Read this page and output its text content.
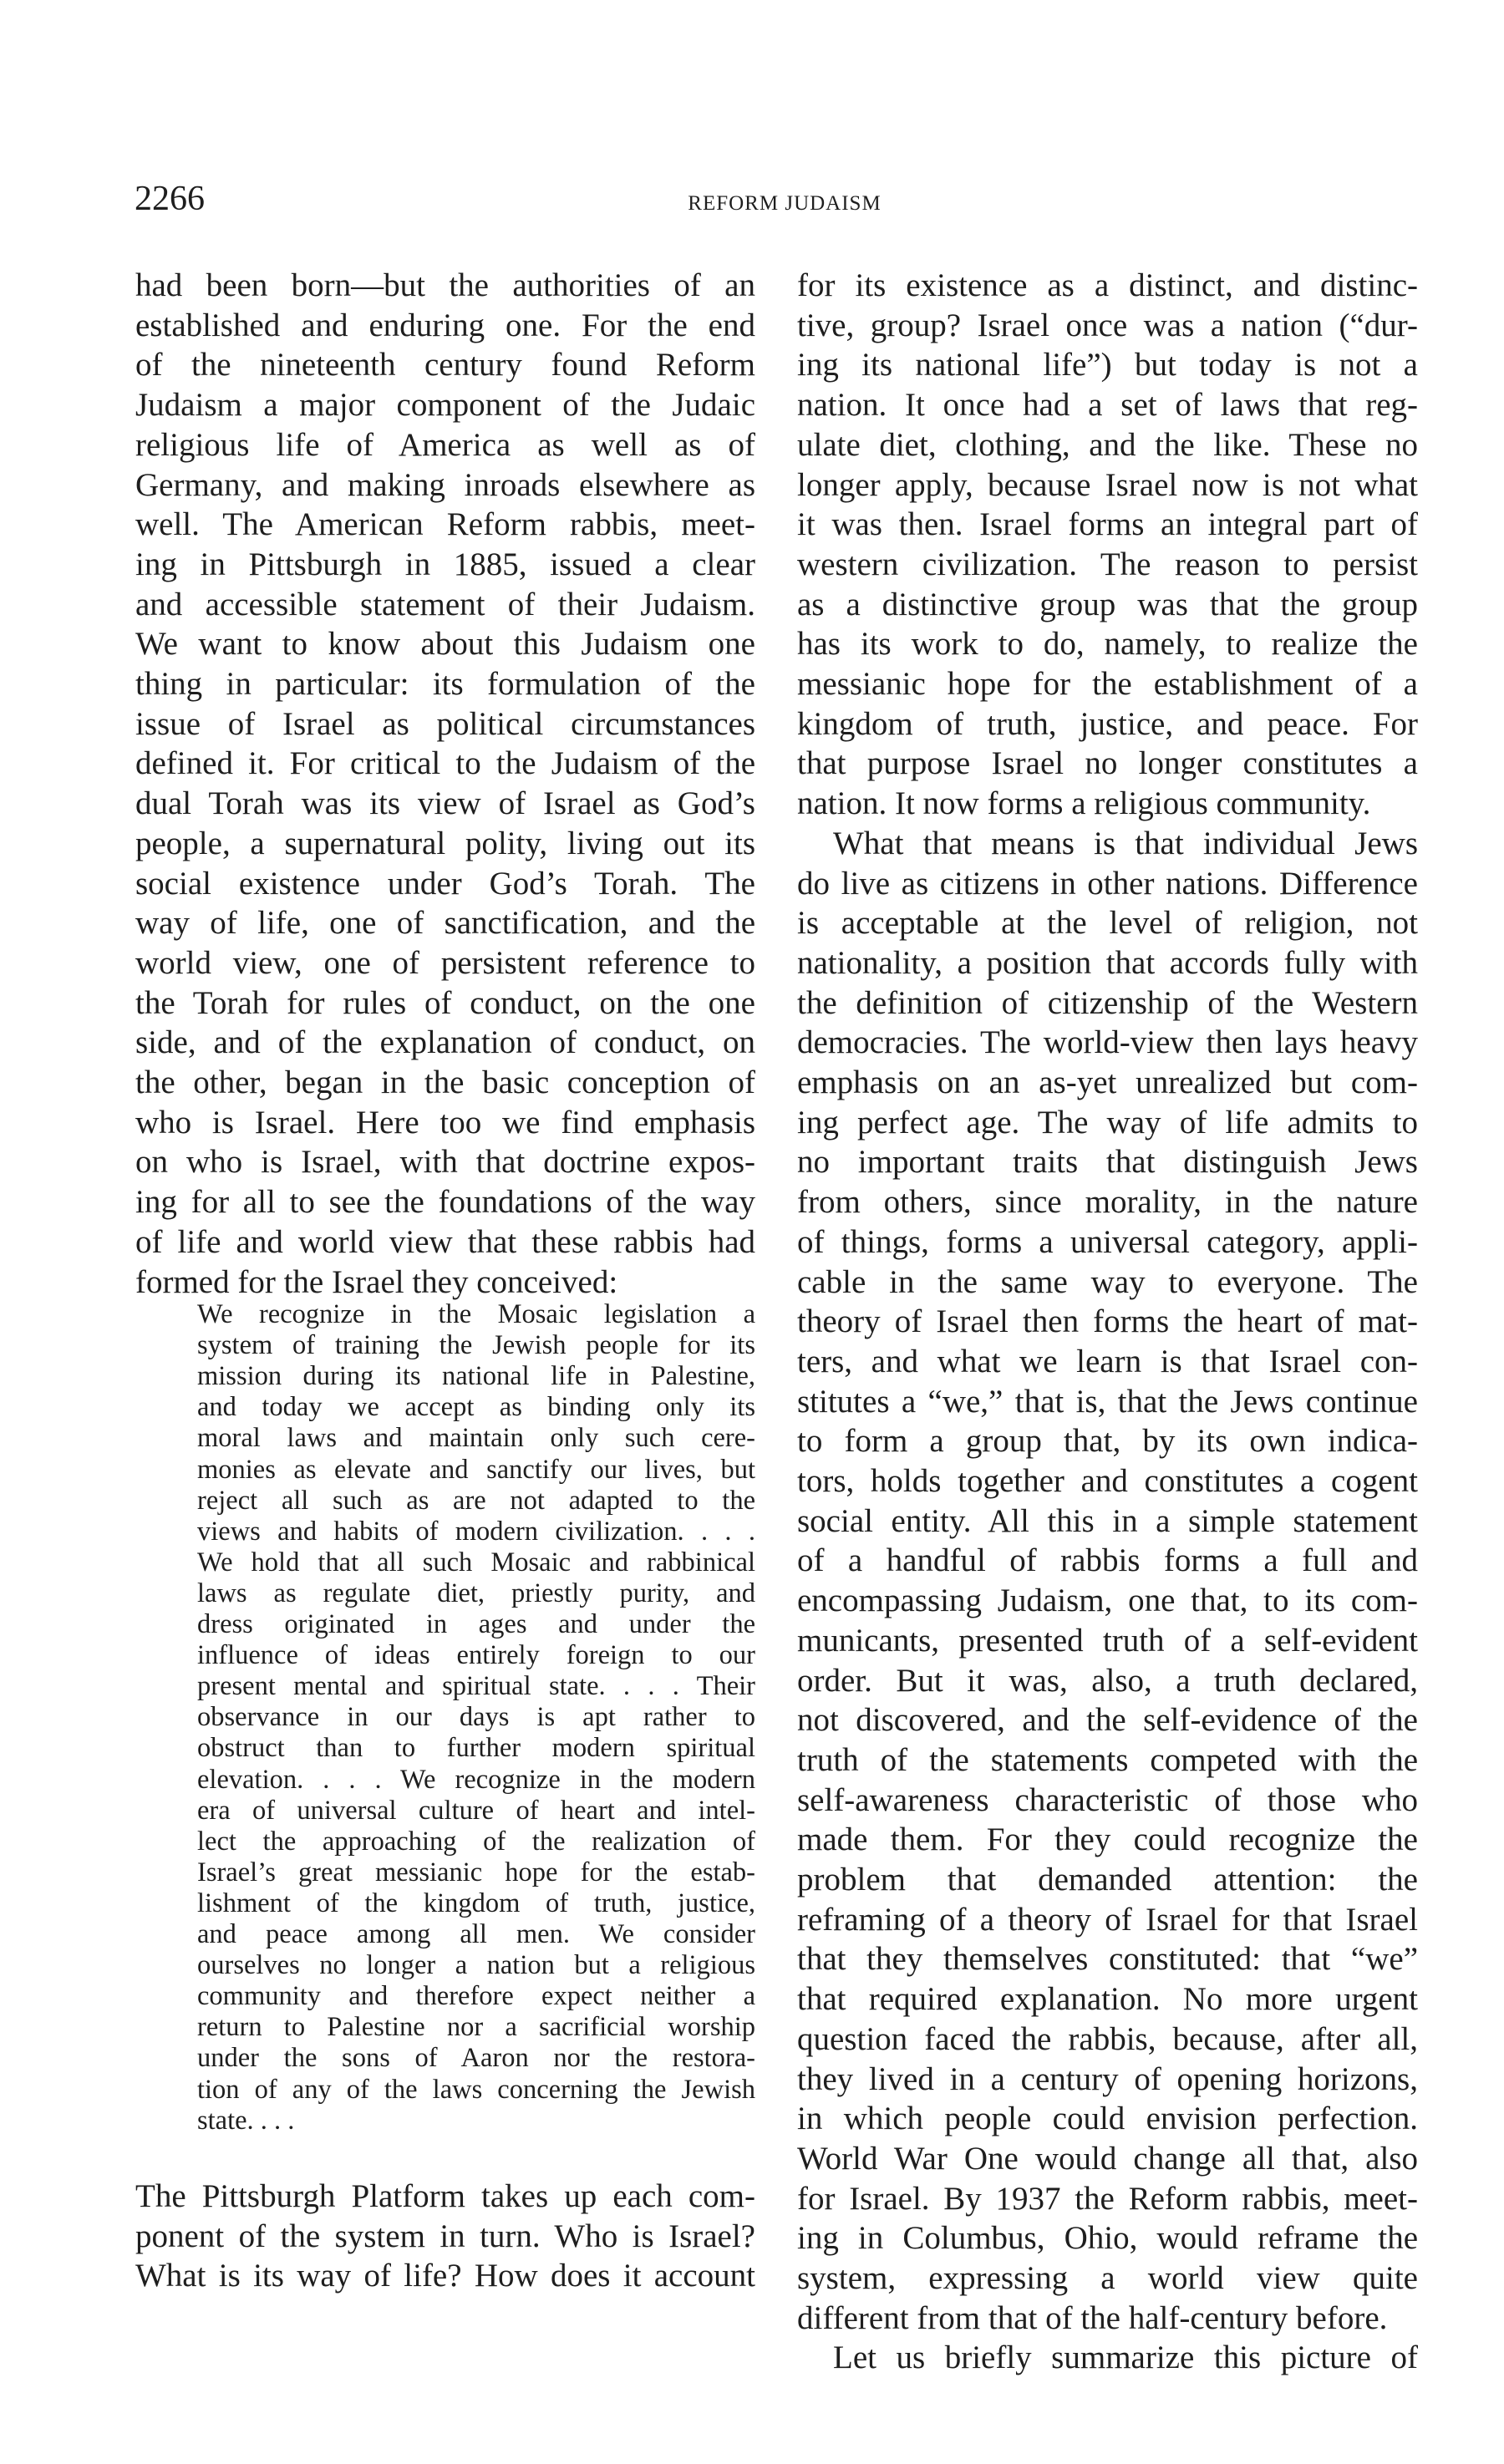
2266	REFORM JUDAISM
had been born—but the authorities of an
established and enduring one. For the end
of the nineteenth century found Reform
Judaism a major component of the Judaic
religious life of America as well as of
Germany, and making inroads elsewhere as
well. The American Reform rabbis, meet-
ing in Pittsburgh in 1885, issued a clear
and accessible statement of their Judaism.
We want to know about this Judaism one
thing in particular: its formulation of the
issue of Israel as political circumstances
defined it. For critical to the Judaism of the
dual Torah was its view of Israel as God’s
people, a supernatural polity, living out its
social existence under God’s Torah. The
way of life, one of sanctification, and the
world view, one of persistent reference to
the Torah for rules of conduct, on the one
side, and of the explanation of conduct, on
the other, began in the basic conception of
who is Israel. Here too we find emphasis
on who is Israel, with that doctrine expos-
ing for all to see the foundations of the way
of life and world view that these rabbis had
formed for the Israel they conceived:
The Pittsburgh Platform takes up each com-
ponent of the system in turn. Who is Israel?
What is its way of life? How does it account
for its existence as a distinct, and distinc-
tive, group? Israel once was a nation (“dur-
ing its national life”) but today is not a
nation. It once had a set of laws that reg-
ulate diet, clothing, and the like. These no
longer apply, because Israel now is not what
it was then. Israel forms an integral part of
western civilization. The reason to persist
as a distinctive group was that the group
has its work to do, namely, to realize the
messianic hope for the establishment of a
kingdom of truth, justice, and peace. For
that purpose Israel no longer constitutes a
nation. It now forms a religious community.
What that means is that individual Jews
do live as citizens in other nations. Difference
is acceptable at the level of religion, not
nationality, a position that accords fully with
the definition of citizenship of the Western
democracies. The world-view then lays heavy
emphasis on an as-yet unrealized but com-
ing perfect age. The way of life admits to
no important traits that distinguish Jews
from others, since morality, in the nature
of things, forms a universal category, appli-
cable in the same way to everyone. The
theory of Israel then forms the heart of mat-
ters, and what we learn is that Israel con-
stitutes a “we,” that is, that the Jews continue
to form a group that, by its own indica-
tors, holds together and constitutes a cogent
social entity. All this in a simple statement
of a handful of rabbis forms a full and
encompassing Judaism, one that, to its com-
municants, presented truth of a self-evident
order. But it was, also, a truth declared,
not discovered, and the self-evidence of the
truth of the statements competed with the
self-awareness characteristic of those who
made them. For they could recognize the
problem that demanded attention: the
reframing of a theory of Israel for that Israel
that they themselves constituted: that “we”
that required explanation. No more urgent
question faced the rabbis, because, after all,
they lived in a century of opening horizons,
in which people could envision perfection.
World War One would change all that, also
for Israel. By 1937 the Reform rabbis, meet-
ing in Columbus, Ohio, would reframe the
system, expressing a world view quite
different from that of the half-century before.
Let us briefly summarize this picture of
We recognize in the Mosaic legislation a
system of training the Jewish people for its
mission during its national life in Palestine,
and today we accept as binding only its
moral laws and maintain only such cere-
monies as elevate and sanctify our lives, but
reject all such as are not adapted to the
views and habits of modern civilization. . . .
We hold that all such Mosaic and rabbinical
laws as regulate diet, priestly purity, and
dress originated in ages and under the
influence of ideas entirely foreign to our
present mental and spiritual state. . . . Their
observance in our days is apt rather to
obstruct than to further modern spiritual
elevation. . . . We recognize in the modern
era of universal culture of heart and intel-
lect the approaching of the realization of
Israel’s great messianic hope for the estab-
lishment of the kingdom of truth, justice,
and peace among all men. We consider
ourselves no longer a nation but a religious
community and therefore expect neither a
return to Palestine nor a sacrificial worship
under the sons of Aaron nor the restora-
tion of any of the laws concerning the Jewish
state. . . .
